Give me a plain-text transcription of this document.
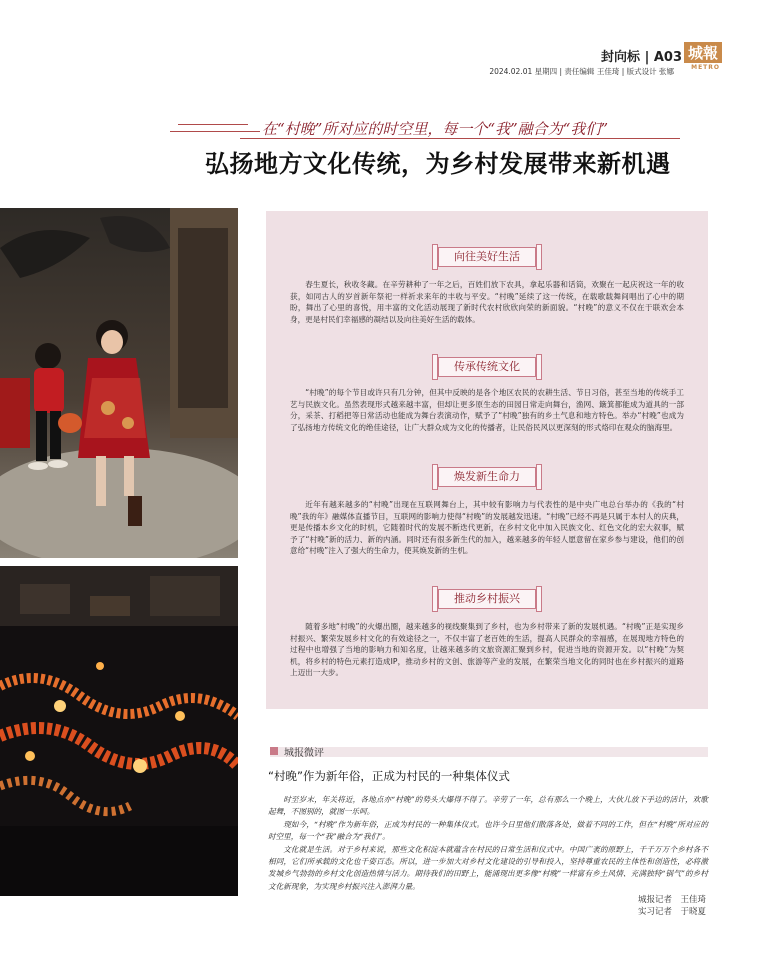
封向标 | A03 城報
METRO
2024.02.01 星期四 | 责任编辑 王佳琦 | 版式设计 张娜
在“村晚”所对应的时空里，每一个“我”融合为“我们”
弘扬地方文化传统，为乡村发展带来新机遇
向往美好生活
春生夏长，秋收冬藏。在辛劳耕种了一年之后，百姓们放下农具，拿起乐器和话筒，欢聚在一起庆祝这一年的收获，如同古人的岁首新年祭祀一样祈求来年的丰收与平安。“村晚”延续了这一传统，在载歌载舞间唱出了心中的期盼，舞出了心里的喜悦，用丰富的文化活动展现了新时代农村欣欣向荣的新面貌。“村晚”的意义不仅在于联欢会本身，更是村民们幸福感的凝结以及向往美好生活的载体。
传承传统文化
“村晚”的每个节目或许只有几分钟，但其中反映的是各个地区农民的农耕生活、节日习俗，甚至当地的传统手工艺与民族文化。虽然表现形式越来越丰富，但却让更多原生态的田园日常走向舞台，渔网、簸箕都能成为道具的一部分，采茶、打稻把等日常活动也能成为舞台表演动作，赋予了“村晚”独有的乡土气息和地方特色。举办“村晚”也成为了弘扬地方传统文化的绝佳途径，让广大群众成为文化的传播者，让民俗民风以更深刻的形式烙印在观众的脑海里。
焕发新生命力
近年有越来越多的“村晚”出现在互联网舞台上，其中较有影响力与代表性的是中央广电总台举办的《我的“村晚”我的年》融媒体直播节目，互联网的影响力使得“村晚”的发展越发迅速。“村晚”已经不再是只属于本村人的庆典，更是传播本乡文化的时机，它随着时代的发展不断迭代更新，在乡村文化中加入民族文化、红色文化的宏大叙事，赋予了“村晚”新的活力、新的内涵。同时还有很多新生代的加入，越来越多的年轻人愿意留在家乡参与建设，他们的创意给“村晚”注入了强大的生命力，使其焕发新的生机。
推动乡村振兴
随着多地“村晚”的火爆出圈，越来越多的视线聚集到了乡村，也为乡村带来了新的发展机遇。“村晚”正是实现乡村振兴、繁荣发展乡村文化的有效途径之一，不仅丰富了老百姓的生活，提高人民群众的幸福感，在展现地方特色的过程中也增强了当地的影响力和知名度，让越来越多的文旅资源汇聚到乡村，促进当地的资源开发。以“村晚”为契机，将乡村的特色元素打造成IP，推动乡村的文创、旅游等产业的发展，在繁荣当地文化的同时也在乡村振兴的道路上迈出一大步。
城报微评
“村晚”作为新年俗，正成为村民的一种集体仪式

时至岁末，年关将近，各地点亦“村晚”的势头大爆得不得了。辛劳了一年，总有那么一个晚上，大伙儿放下手边的活计，欢歌起舞，不图别的，就图一乐呵。

现如今，“村晚”作为新年俗，正成为村民的一种集体仪式。也许今日里他们散落各处，做着不同的工作，但在“村晚”所对应的时空里，每一个“我”融合为“我们”。

文化就是生活。对于乡村来说，那些文化积淀本就蕴含在村民的日常生活和仪式中。中国广袤的原野上，千千万万个乡村各不相同，它们所承载的文化也千姿百态。所以，进一步加大对乡村文化建设的引导和投入，坚持尊重农民的主体性和创造性，必将激发城乡气勃勃的乡村文化创造热情与活力。期待我们的田野上，能涌现出更多像“村晚”一样富有乡土风情、充满独特“锅气”的乡村文化新现象，为实现乡村振兴注入澎湃力量。

城报记者　王佳琦
实习记者　于晓夏
